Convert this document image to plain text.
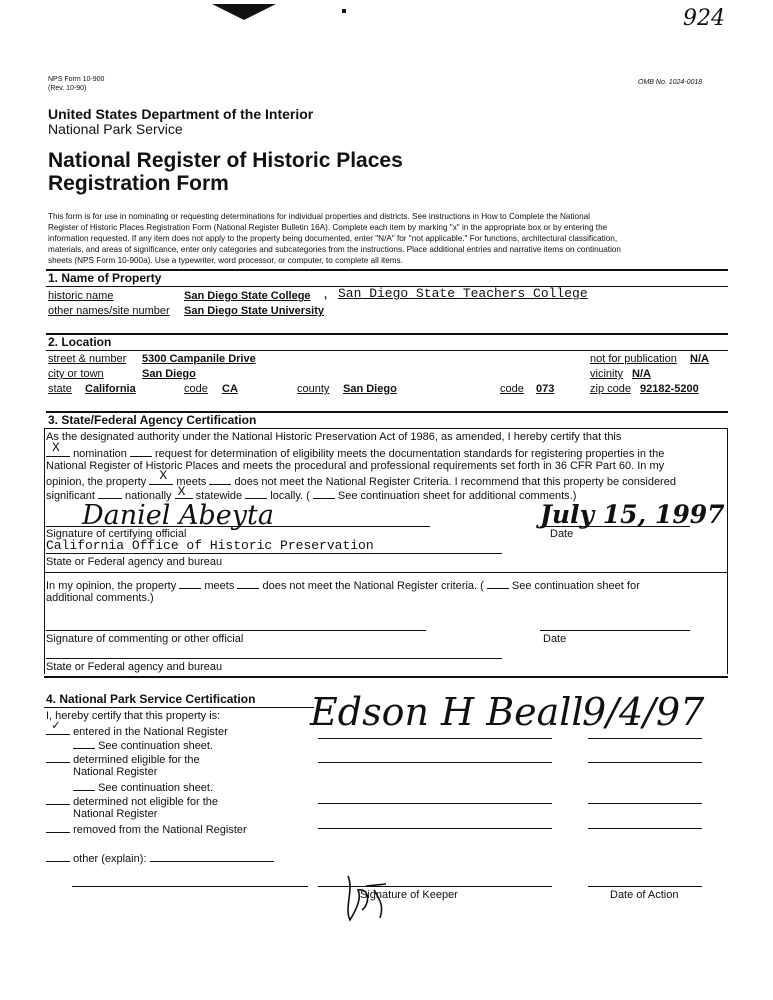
924
NPS Form 10-900
(Rev. 10-90)
OMB No. 1024-0018
United States Department of the Interior
National Park Service
National Register of Historic Places
Registration Form
This form is for use in nominating or requesting determinations for individual properties and districts. See instructions in How to Complete the National
Register of Historic Places Registration Form (National Register Bulletin 16A). Complete each item by marking "x" in the appropriate box or by entering the
information requested. If any item does not apply to the property being documented, enter "N/A" for "not applicable." For functions, architectural classification,
materials, and areas of significance, enter only categories and subcategories from the instructions. Place additional entries and narrative items on continuation
sheets (NPS Form 10-900a). Use a typewriter, word processor, or computer, to complete all items.
1. Name of Property
historic name	San Diego State College , San Diego State Teachers College
other names/site number San Diego State University
2. Location
street & number 5300 Campanile Drive	not for publication N/A
city or town	San Diego	vicinity N/A
state California	code CA	county San Diego	code 073	zip code 92182-5200
3. State/Federal Agency Certification
As the designated authority under the National Historic Preservation Act of 1986, as amended, I hereby certify that this
X nomination	request for determination of eligibility meets the documentation standards for registering properties in the
National Register of Historic Places and meets the procedural and professional requirements set forth in 36 CFR Part 60. In my
opinion, the property X meets	does not meet the National Register Criteria. I recommend that this property be considered
significant	nationally X statewide	locally. (	See continuation sheet for additional comments.)
Daniel Abeyta	July 15, 1997
Signature of certifying official	Date
California Office of Historic Preservation
State or Federal agency and bureau
In my opinion, the property	meets	does not meet the National Register criteria. (	See continuation sheet for
additional comments.)
Signature of commenting or other official	Date
State or Federal agency and bureau
4. National Park Service Certification
I, hereby certify that this property is: Edson H Beall
9/4/97
✓ entered in the National Register
See continuation sheet.
determined eligible for the
National Register
See continuation sheet.
determined not eligible for the
National Register
removed from the National Register
other (explain):
Signature of Keeper	Date of Action
